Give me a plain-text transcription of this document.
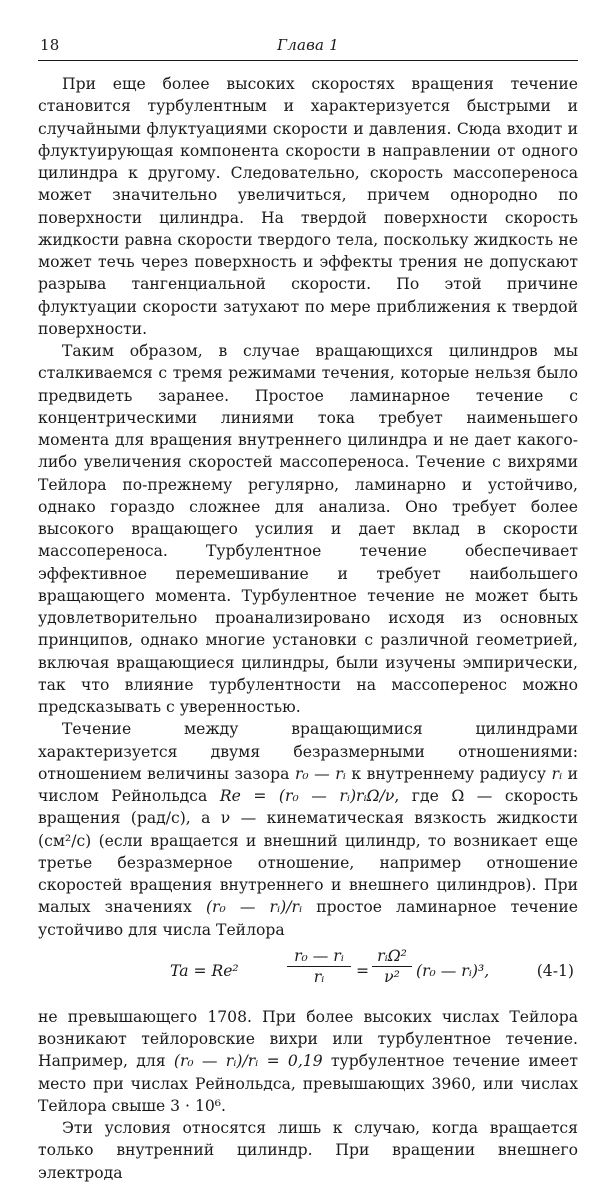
18	Глава 1

При еще более высоких скоростях вращения течение становится турбулентным и характеризуется быстрыми и случайными флуктуациями скорости и давления. Сюда входит и флуктуирующая компонента скорости в направлении от одного цилиндра к другому. Следовательно, скорость массопереноса может значительно увеличиться, причем однородно по поверхности цилиндра. На твердой поверхности скорость жидкости равна скорости твердого тела, поскольку жидкость не может течь через поверхность и эффекты трения не допускают разрыва тангенциальной скорости. По этой причине флуктуации скорости затухают по мере приближения к твердой поверхности.

Таким образом, в случае вращающихся цилиндров мы сталкиваемся с тремя режимами течения, которые нельзя было предвидеть заранее. Простое ламинарное течение с концентрическими линиями тока требует наименьшего момента для вращения внутреннего цилиндра и не дает какого-либо увеличения скоростей массопереноса. Течение с вихрями Тейлора по-прежнему регулярно, ламинарно и устойчиво, однако гораздо сложнее для анализа. Оно требует более высокого вращающего усилия и дает вклад в скорости массопереноса. Турбулентное течение обеспечивает эффективное перемешивание и требует наибольшего вращающего момента. Турбулентное течение не может быть удовлетворительно проанализировано исходя из основных принципов, однако многие установки с различной геометрией, включая вращающиеся цилиндры, были изучены эмпирически, так что влияние турбулентности на массоперенос можно предсказывать с уверенностью.

Течение между вращающимися цилиндрами характеризуется двумя безразмерными отношениями: отношением величины зазора r₀ — rᵢ к внутреннему радиусу rᵢ и числом Рейнольдса Re = (r₀ — rᵢ)rᵢΩ/ν, где Ω — скорость вращения (рад/с), а ν — кинематическая вязкость жидкости (см²/с) (если вращается и внешний цилиндр, то возникает еще третье безразмерное отношение, например отношение скоростей вращения внутреннего и внешнего цилиндров). При малых значениях (r₀ — rᵢ)/rᵢ простое ламинарное течение устойчиво для числа Тейлора

Ta = Re²	$\frac{\text{r₀ — rᵢ}}{\text{rᵢ}}$ =
rᵢΩ²
ν²	(r₀ — rᵢ)³,	(4-1)

не превышающего 1708. При более высоких числах Тейлора возникают тейлоровские вихри или турбулентное течение. Например, для (r₀ — rᵢ)/rᵢ = 0,19 турбулентное течение имеет место при числах Рейнольдса, превышающих 3960, или числах Тейлора свыше 3 · 10⁶.

Эти условия относятся лишь к случаю, когда вращается только внутренний цилиндр. При вращении внешнего электрода
